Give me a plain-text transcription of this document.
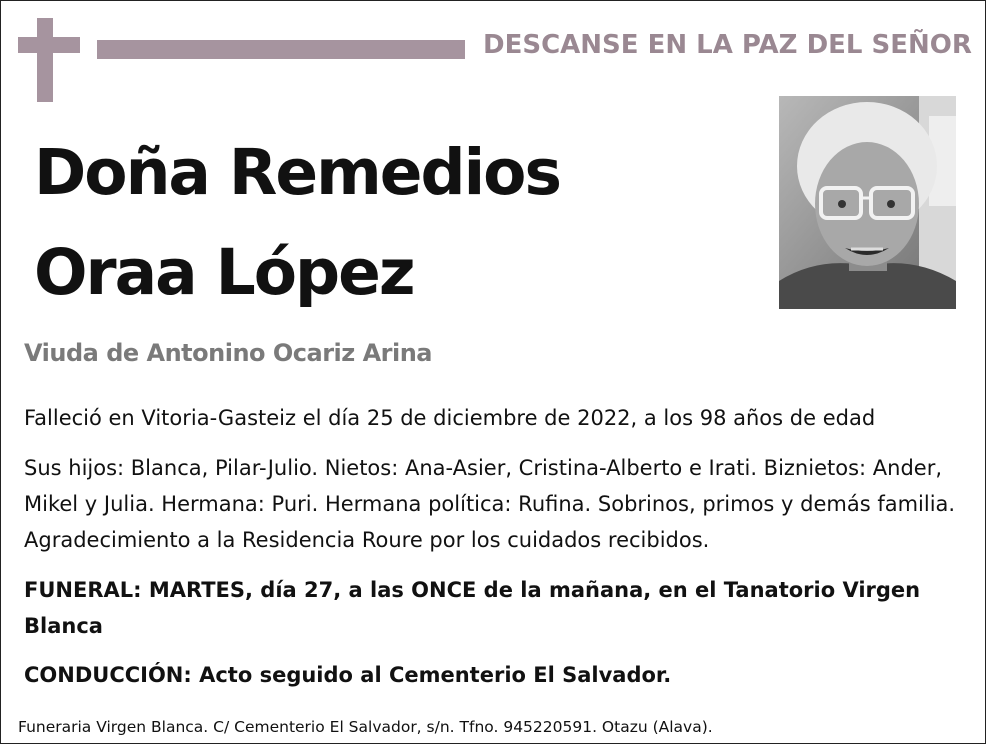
DESCANSE EN LA PAZ DEL SEÑOR
Doña Remedios
Oraa López
Viuda de Antonino Ocariz Arina
Falleció en Vitoria-Gasteiz el día 25 de diciembre de 2022, a los 98 años de edad
Sus hijos: Blanca, Pilar-Julio. Nietos: Ana-Asier, Cristina-Alberto e Irati. Biznietos: Ander, Mikel y Julia. Hermana: Puri. Hermana política: Rufina. Sobrinos, primos y demás familia. Agradecimiento a la Residencia Roure por los cuidados recibidos.
FUNERAL: MARTES, día 27, a las ONCE de la mañana, en el Tanatorio Virgen Blanca
CONDUCCIÓN: Acto seguido al Cementerio El Salvador.
Funeraria Virgen Blanca. C/ Cementerio El Salvador, s/n. Tfno. 945220591. Otazu (Alava).
